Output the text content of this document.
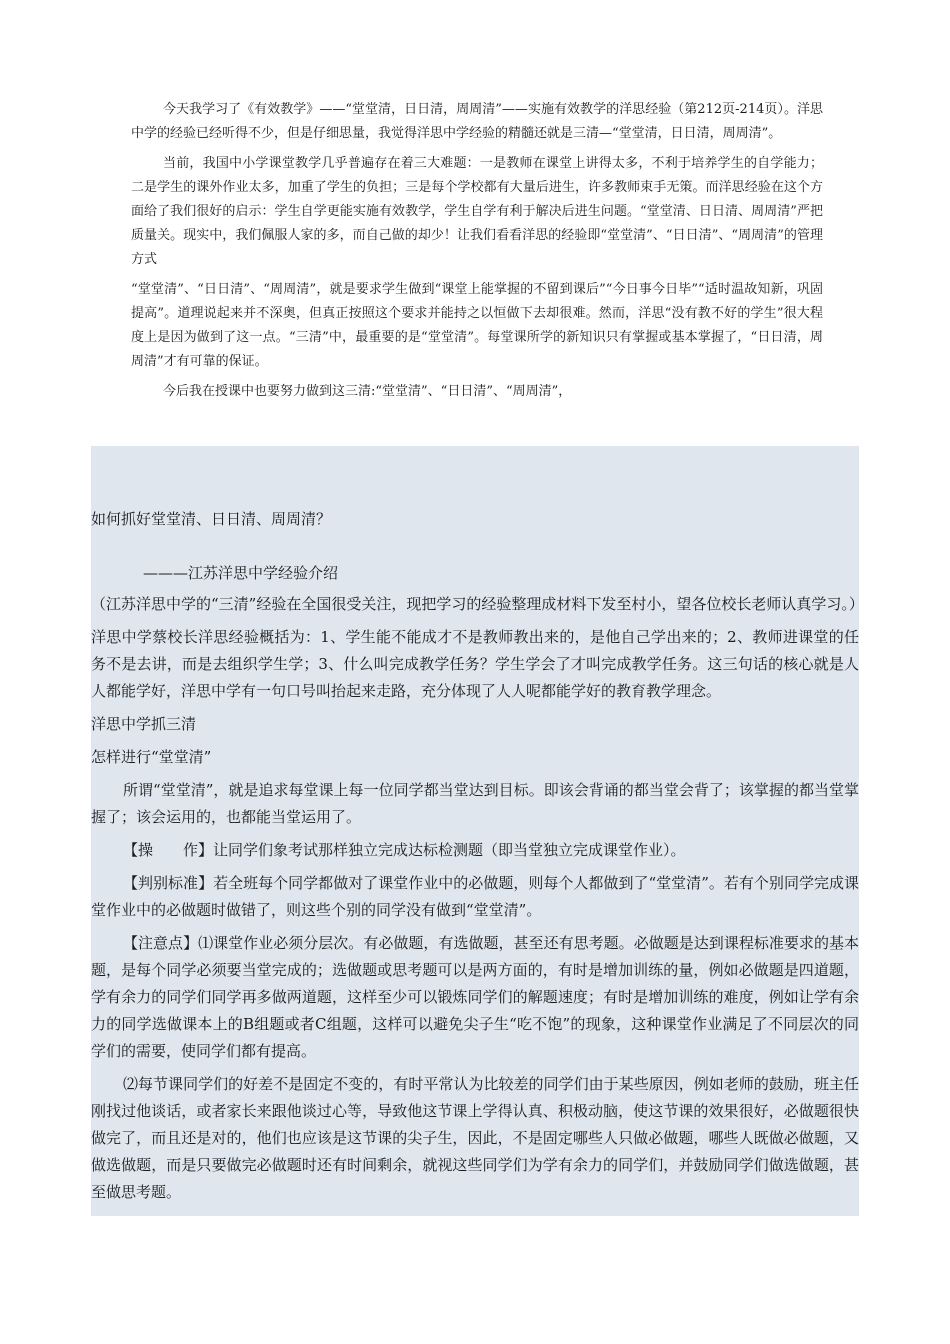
今天我学习了《有效教学》——“堂堂清，日日清，周周清”——实施有效教学的洋思经验（第212页-214页）。洋思中学的经验已经听得不少，但是仔细思量，我觉得洋思中学经验的精髓还就是三清—“堂堂清，日日清，周周清”。

当前，我国中小学课堂教学几乎普遍存在着三大难题：一是教师在课堂上讲得太多，不利于培养学生的自学能力；二是学生的课外作业太多，加重了学生的负担；三是每个学校都有大量后进生，许多教师束手无策。而洋思经验在这个方面给了我们很好的启示：学生自学更能实施有效教学，学生自学有利于解决后进生问题。“堂堂清、日日清、周周清”严把质量关。现实中，我们佩服人家的多，而自己做的却少！让我们看看洋思的经验即“堂堂清”、“日日清”、“周周清”的管理方式

“堂堂清”、“日日清”、“周周清”，就是要求学生做到“课堂上能掌握的不留到课后”“今日事今日毕”“适时温故知新，巩固提高”。道理说起来并不深奥，但真正按照这个要求并能持之以恒做下去却很难。然而，洋思“没有教不好的学生”很大程度上是因为做到了这一点。“三清”中，最重要的是“堂堂清”。每堂课所学的新知识只有掌握或基本掌握了，“日日清，周周清”才有可靠的保证。

今后我在授课中也要努力做到这三清:“堂堂清”、“日日清”、“周周清”，

如何抓好堂堂清、日日清、周周清？

———江苏洋思中学经验介绍

（江苏洋思中学的“三清”经验在全国很受关注，现把学习的经验整理成材料下发至村小，望各位校长老师认真学习。）

洋思中学蔡校长洋思经验概括为：1、学生能不能成才不是教师教出来的，是他自己学出来的；2、教师进课堂的任务不是去讲，而是去组织学生学；3、什么叫完成教学任务？学生学会了才叫完成教学任务。这三句话的核心就是人人都能学好，洋思中学有一句口号叫抬起来走路，充分体现了人人呢都能学好的教育教学理念。

洋思中学抓三清

怎样进行“堂堂清”

所谓“堂堂清”，就是追求每堂课上每一位同学都当堂达到目标。即该会背诵的都当堂会背了；该掌握的都当堂掌握了；该会运用的，也都能当堂运用了。

【操　　作】让同学们象考试那样独立完成达标检测题（即当堂独立完成课堂作业）。

【判别标准】若全班每个同学都做对了课堂作业中的必做题，则每个人都做到了“堂堂清”。若有个别同学完成课堂作业中的必做题时做错了，则这些个别的同学没有做到“堂堂清”。

【注意点】⑴课堂作业必须分层次。有必做题，有选做题，甚至还有思考题。必做题是达到课程标准要求的基本题，是每个同学必须要当堂完成的；选做题或思考题可以是两方面的，有时是增加训练的量，例如必做题是四道题，学有余力的同学们同学再多做两道题，这样至少可以锻炼同学们的解题速度；有时是增加训练的难度，例如让学有余力的同学选做课本上的B组题或者C组题，这样可以避免尖子生“吃不饱”的现象，这种课堂作业满足了不同层次的同学们的需要，使同学们都有提高。

⑵每节课同学们的好差不是固定不变的，有时平常认为比较差的同学们由于某些原因，例如老师的鼓励，班主任刚找过他谈话，或者家长来跟他谈过心等，导致他这节课上学得认真、积极动脑，使这节课的效果很好，必做题很快做完了，而且还是对的，他们也应该是这节课的尖子生，因此，不是固定哪些人只做必做题，哪些人既做必做题，又做选做题，而是只要做完必做题时还有时间剩余，就视这些同学们为学有余力的同学们，并鼓励同学们做选做题，甚至做思考题。
